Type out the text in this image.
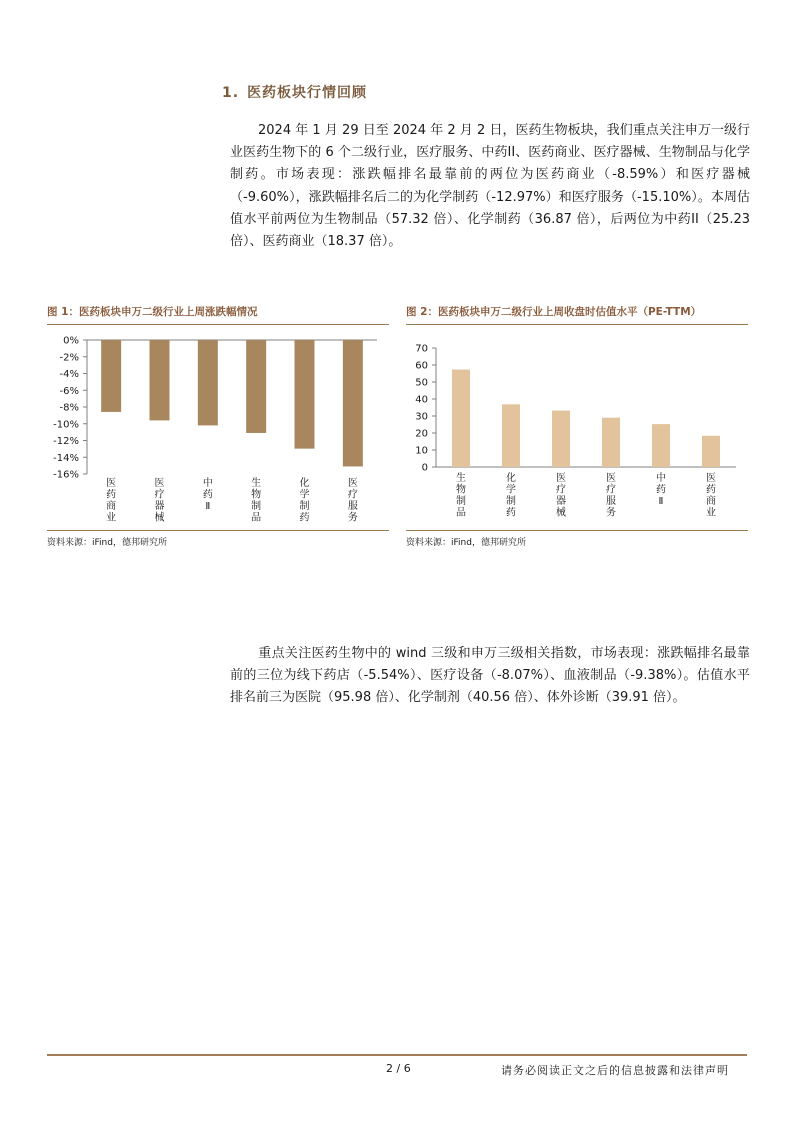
1. 医药板块行情回顾
2024 年 1 月 29 日至 2024 年 2 月 2 日，医药生物板块，我们重点关注申万一级行业医药生物下的 6 个二级行业，医疗服务、中药II、医药商业、医疗器械、生物制品与化学制药。市场表现：涨跌幅排名最靠前的两位为医药商业（-8.59%）和医疗器械（-9.60%），涨跌幅排名后二的为化学制药（-12.97%）和医疗服务（-15.10%）。本周估值水平前两位为生物制品（57.32 倍）、化学制药（36.87 倍），后两位为中药II（25.23 倍）、医药商业（18.37 倍）。
图 1：医药板块申万二级行业上周涨跌幅情况
0%
-2%
-4%
-6%
-8%
-10%
-12%
-14%
-16%
医药商业
医疗器械
中药 Ⅱ
生物制品
化学制药
医疗服务
资料来源：iFind，德邦研究所
图 2：医药板块申万二级行业上周收盘时估值水平（PE-TTM）
0
10
20
30
40
50
60
70
生物制品
化学制药
医疗器械
医疗服务
中药 Ⅱ
医药商业
资料来源：iFind，德邦研究所
重点关注医药生物中的 wind 三级和申万三级相关指数，市场表现：涨跌幅排名最靠前的三位为线下药店（-5.54%）、医疗设备（-8.07%）、血液制品（-9.38%）。估值水平排名前三为医院（95.98 倍）、化学制剂（40.56 倍）、体外诊断（39.91 倍）。
2 / 6	请务必阅读正文之后的信息披露和法律声明
